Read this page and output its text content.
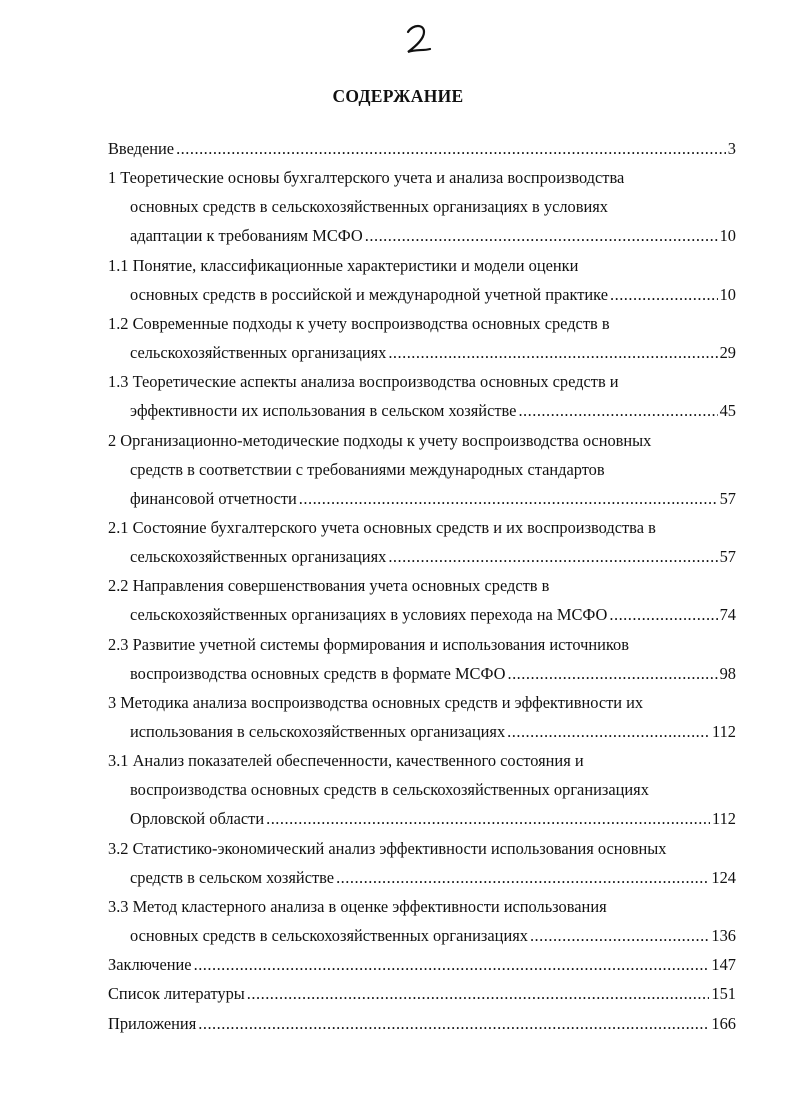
СОДЕРЖАНИЕ
Введение .....	3
1 Теоретические основы бухгалтерского учета и анализа воспроизводства
основных средств в сельскохозяйственных организациях в условиях
адаптации к требованиям МСФО .....	10
1.1 Понятие, классификационные характеристики и модели оценки
основных средств в российской и международной учетной практике .....	10
1.2 Современные подходы к учету воспроизводства основных средств в
сельскохозяйственных организациях .....	29
1.3 Теоретические аспекты анализа воспроизводства основных средств и
эффективности их использования в сельском хозяйстве .....	45
2 Организационно-методические подходы к учету воспроизводства основных
средств в соответствии с требованиями международных стандартов
финансовой отчетности .....	57
2.1 Состояние бухгалтерского учета основных средств и их воспроизводства в
сельскохозяйственных организациях .....	57
2.2 Направления совершенствования учета основных средств в
сельскохозяйственных организациях в условиях перехода на МСФО .....	74
2.3 Развитие учетной системы формирования и использования источников
воспроизводства основных средств в формате МСФО .....	98
3 Методика анализа воспроизводства основных средств и эффективности их
использования в сельскохозяйственных организациях .....	112
3.1 Анализ показателей обеспеченности, качественного состояния и
воспроизводства основных средств в сельскохозяйственных организациях
Орловской области .....	112
3.2 Статистико-экономический анализ эффективности использования основных
средств в сельском хозяйстве .....	124
3.3 Метод кластерного анализа в оценке эффективности использования
основных средств в сельскохозяйственных организациях .....	136
Заключение .....	147
Список литературы .....	151
Приложения .....	166
